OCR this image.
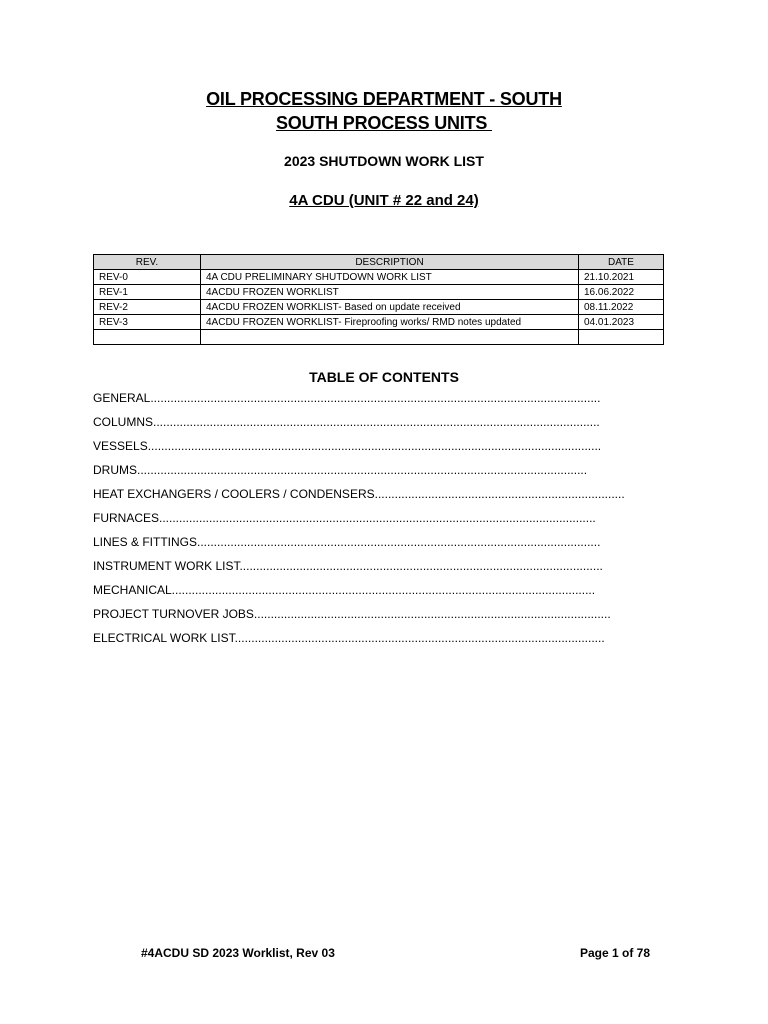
OIL PROCESSING DEPARTMENT - SOUTH
SOUTH PROCESS UNITS
2023 SHUTDOWN WORK LIST
4A CDU (UNIT # 22 and 24)
REV.	DESCRIPTION	DATE
REV-0	4A CDU PRELIMINARY SHUTDOWN WORK LIST	21.10.2021
REV-1	4ACDU FROZEN WORKLIST	16.06.2022
REV-2	4ACDU FROZEN WORKLIST- Based on update received	08.11.2022
REV-3	4ACDU FROZEN WORKLIST- Fireproofing works/ RMD notes updated	04.01.2023

TABLE OF CONTENTS
GENERAL.......................................................................................................................................
COLUMNS......................................................................................................................................
VESSELS........................................................................................................................................
DRUMS.......................................................................................................................................
HEAT EXCHANGERS / COOLERS / CONDENSERS...........................................................................
FURNACES...................................................................................................................................
LINES & FITTINGS.........................................................................................................................
INSTRUMENT WORK LIST.............................................................................................................
MECHANICAL...............................................................................................................................
PROJECT TURNOVER JOBS...........................................................................................................
ELECTRICAL WORK LIST...............................................................................................................
#4ACDU SD 2023 Worklist, Rev 03	Page 1 of 78
